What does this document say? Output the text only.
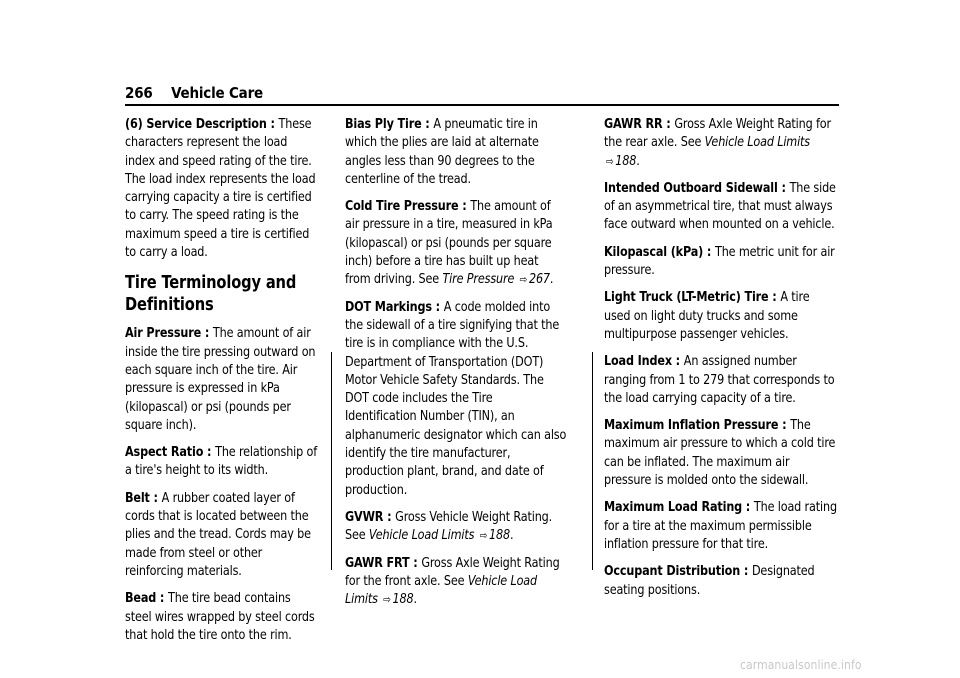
266 Vehicle Care

(6) Service Description : These characters represent the load index and speed rating of the tire. The load index represents the load carrying capacity a tire is certified to carry. The speed rating is the maximum speed a tire is certified to carry a load.

Tire Terminology and Definitions

Air Pressure : The amount of air inside the tire pressing outward on each square inch of the tire. Air pressure is expressed in kPa (kilopascal) or psi (pounds per square inch).

Aspect Ratio : The relationship of a tire's height to its width.

Belt : A rubber coated layer of cords that is located between the plies and the tread. Cords may be made from steel or other reinforcing materials.

Bead : The tire bead contains steel wires wrapped by steel cords that hold the tire onto the rim.

Bias Ply Tire : A pneumatic tire in which the plies are laid at alternate angles less than 90 degrees to the centerline of the tread.

Cold Tire Pressure : The amount of air pressure in a tire, measured in kPa (kilopascal) or psi (pounds per square inch) before a tire has built up heat from driving. See Tire Pressure ⇨ 267.

DOT Markings : A code molded into the sidewall of a tire signifying that the tire is in compliance with the U.S. Department of Transportation (DOT) Motor Vehicle Safety Standards. The DOT code includes the Tire Identification Number (TIN), an alphanumeric designator which can also identify the tire manufacturer, production plant, brand, and date of production.

GVWR : Gross Vehicle Weight Rating. See Vehicle Load Limits ⇨ 188.

GAWR FRT : Gross Axle Weight Rating for the front axle. See Vehicle Load Limits ⇨ 188.

GAWR RR : Gross Axle Weight Rating for the rear axle. See Vehicle Load Limits ⇨ 188.

Intended Outboard Sidewall : The side of an asymmetrical tire, that must always face outward when mounted on a vehicle.

Kilopascal (kPa) : The metric unit for air pressure.

Light Truck (LT-Metric) Tire : A tire used on light duty trucks and some multipurpose passenger vehicles.

Load Index : An assigned number ranging from 1 to 279 that corresponds to the load carrying capacity of a tire.

Maximum Inflation Pressure : The maximum air pressure to which a cold tire can be inflated. The maximum air pressure is molded onto the sidewall.

Maximum Load Rating : The load rating for a tire at the maximum permissible inflation pressure for that tire.

Occupant Distribution : Designated seating positions.

carmanualsonline.info
